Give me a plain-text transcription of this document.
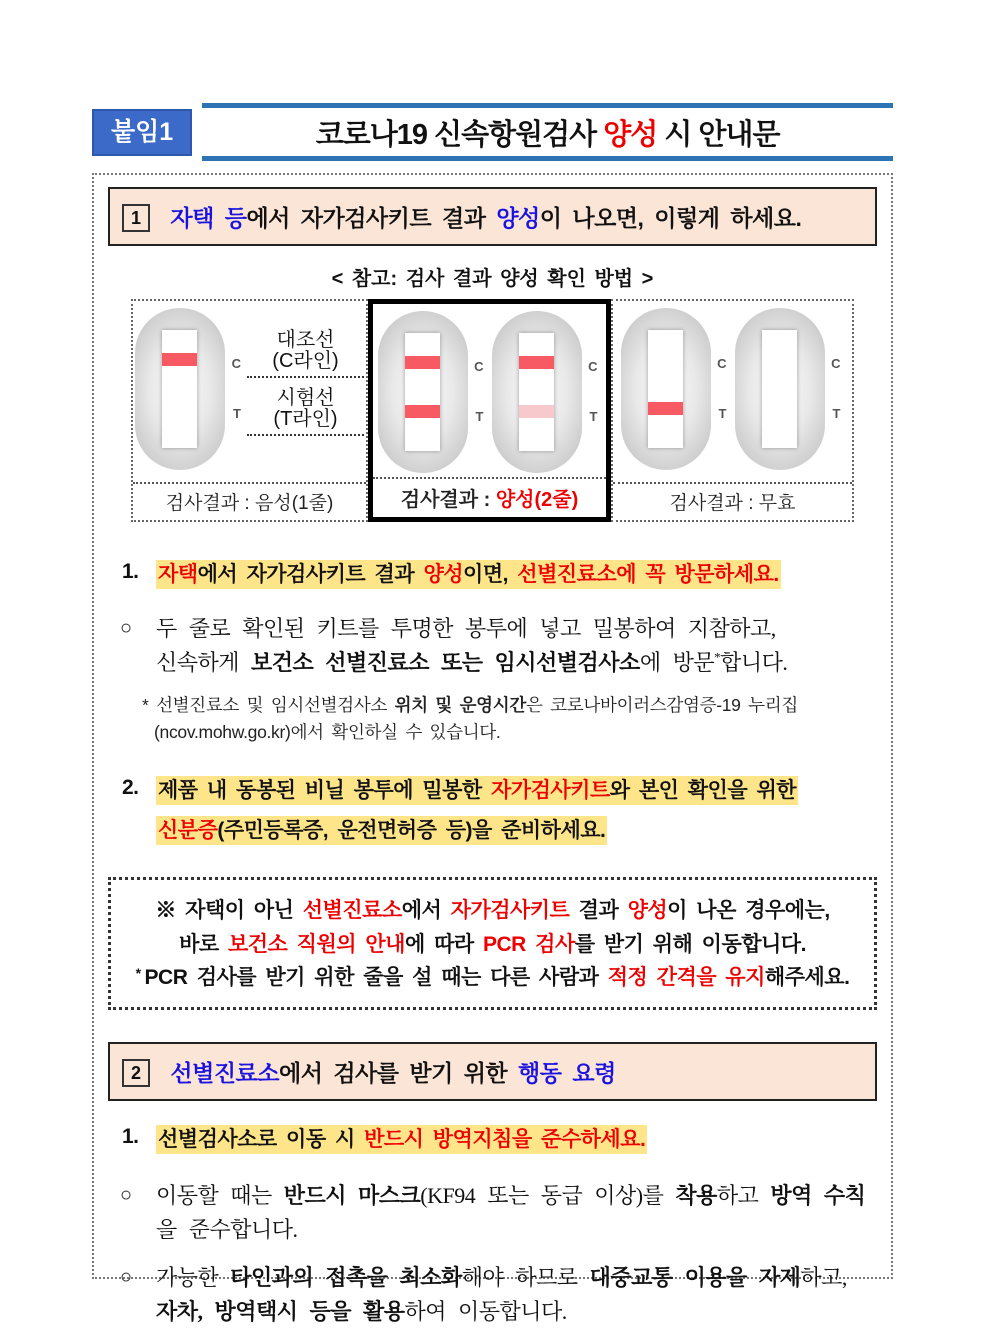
붙임1	코로나19 신속항원검사 양성 시 안내문
1 자택 등에서 자가검사키트 결과 양성이 나오면, 이렇게 하세요.
< 참고: 검사 결과 양성 확인 방법 >
C
T
대조선
(C라인)
시험선
(T라인)
검사결과 : 음성(1줄)
C
T
C
T
검사결과 : 양성(2줄)
C
T
C
T
검사결과 : 무효
1. 자택에서 자가검사키트 결과 양성이면, 선별진료소에 꼭 방문하세요.
○	두 줄로 확인된 키트를 투명한 봉투에 넣고 밀봉하여 지참하고,
신속하게 보건소 선별진료소 또는 임시선별검사소에 방문*합니다.
* 선별진료소 및 임시선별검사소 위치 및 운영시간은 코로나바이러스감염증-19 누리집
(ncov.mohw.go.kr)에서 확인하실 수 있습니다.
2. 제품 내 동봉된 비닐 봉투에 밀봉한 자가검사키트와 본인 확인을 위한
신분증(주민등록증, 운전면허증 등)을 준비하세요.
※ 자택이 아닌 선별진료소에서 자가검사키트 결과 양성이 나온 경우에는,
바로 보건소 직원의 안내에 따라 PCR 검사를 받기 위해 이동합니다.
* PCR 검사를 받기 위한 줄을 설 때는 다른 사람과 적정 간격을 유지해주세요.
2 선별진료소에서 검사를 받기 위한 행동 요령
1. 선별검사소로 이동 시 반드시 방역지침을 준수하세요.
○	이동할 때는 반드시 마스크(KF94 또는 동급 이상)를 착용하고 방역 수칙을 준수합니다.
○	가능한 타인과의 접촉을 최소화해야 하므로 대중교통 이용을 자제하고, 자차, 방역택시 등을 활용하여 이동합니다.
